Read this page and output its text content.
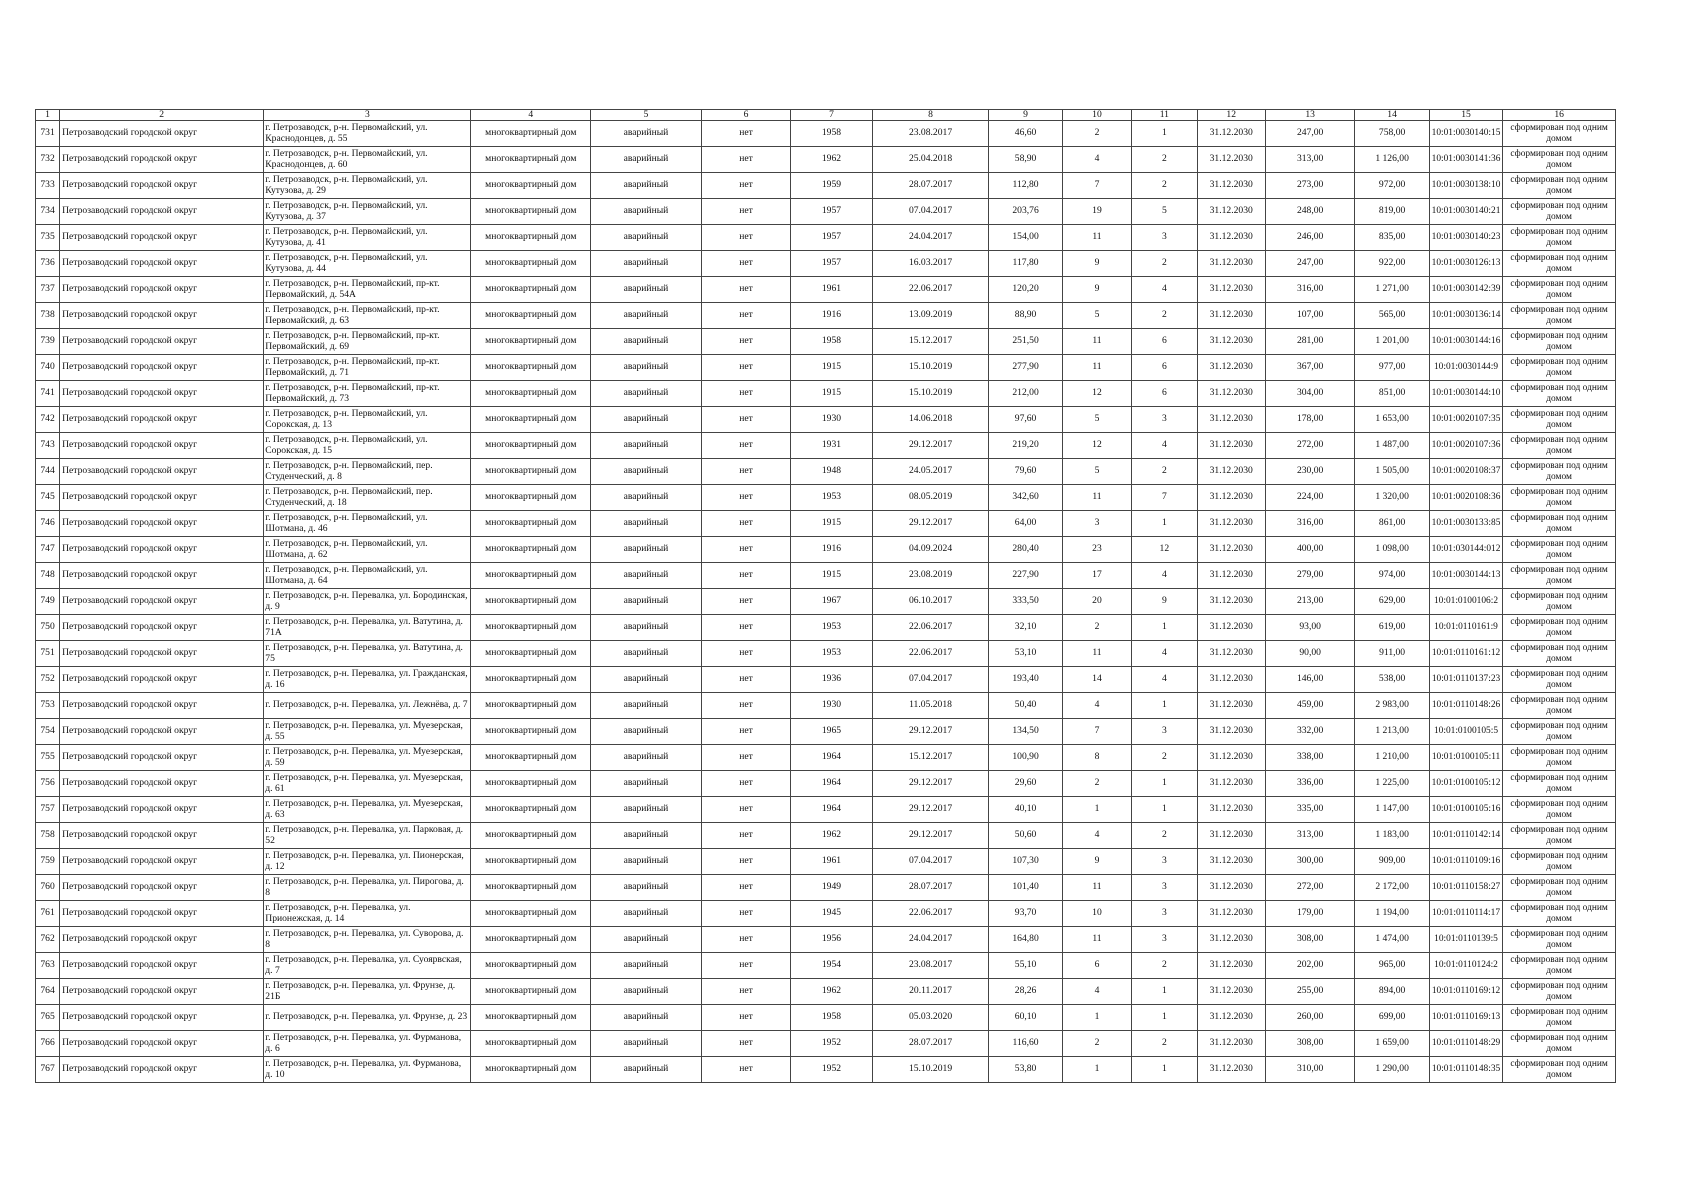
1	2	3	4	5	6	7	8	9	10	11	12	13	14	15	16
731	Петрозаводский городской округ	г. Петрозаводск, р-н. Первомайский, ул. Краснодонцев, д. 55	многоквартирный дом	аварийный	нет	1958	23.08.2017	46,60	2	1	31.12.2030	247,00	758,00	10:01:0030140:15	сформирован под одним домом
732	Петрозаводский городской округ	г. Петрозаводск, р-н. Первомайский, ул. Краснодонцев, д. 60	многоквартирный дом	аварийный	нет	1962	25.04.2018	58,90	4	2	31.12.2030	313,00	1 126,00	10:01:0030141:36	сформирован под одним домом
733	Петрозаводский городской округ	г. Петрозаводск, р-н. Первомайский, ул. Кутузова, д. 29	многоквартирный дом	аварийный	нет	1959	28.07.2017	112,80	7	2	31.12.2030	273,00	972,00	10:01:0030138:10	сформирован под одним домом
734	Петрозаводский городской округ	г. Петрозаводск, р-н. Первомайский, ул. Кутузова, д. 37	многоквартирный дом	аварийный	нет	1957	07.04.2017	203,76	19	5	31.12.2030	248,00	819,00	10:01:0030140:21	сформирован под одним домом
735	Петрозаводский городской округ	г. Петрозаводск, р-н. Первомайский, ул. Кутузова, д. 41	многоквартирный дом	аварийный	нет	1957	24.04.2017	154,00	11	3	31.12.2030	246,00	835,00	10:01:0030140:23	сформирован под одним домом
736	Петрозаводский городской округ	г. Петрозаводск, р-н. Первомайский, ул. Кутузова, д. 44	многоквартирный дом	аварийный	нет	1957	16.03.2017	117,80	9	2	31.12.2030	247,00	922,00	10:01:0030126:13	сформирован под одним домом
737	Петрозаводский городской округ	г. Петрозаводск, р-н. Первомайский, пр-кт. Первомайский, д. 54А	многоквартирный дом	аварийный	нет	1961	22.06.2017	120,20	9	4	31.12.2030	316,00	1 271,00	10:01:0030142:39	сформирован под одним домом
738	Петрозаводский городской округ	г. Петрозаводск, р-н. Первомайский, пр-кт. Первомайский, д. 63	многоквартирный дом	аварийный	нет	1916	13.09.2019	88,90	5	2	31.12.2030	107,00	565,00	10:01:0030136:14	сформирован под одним домом
739	Петрозаводский городской округ	г. Петрозаводск, р-н. Первомайский, пр-кт. Первомайский, д. 69	многоквартирный дом	аварийный	нет	1958	15.12.2017	251,50	11	6	31.12.2030	281,00	1 201,00	10:01:0030144:16	сформирован под одним домом
740	Петрозаводский городской округ	г. Петрозаводск, р-н. Первомайский, пр-кт. Первомайский, д. 71	многоквартирный дом	аварийный	нет	1915	15.10.2019	277,90	11	6	31.12.2030	367,00	977,00	10:01:0030144:9	сформирован под одним домом
741	Петрозаводский городской округ	г. Петрозаводск, р-н. Первомайский, пр-кт. Первомайский, д. 73	многоквартирный дом	аварийный	нет	1915	15.10.2019	212,00	12	6	31.12.2030	304,00	851,00	10:01:0030144:10	сформирован под одним домом
742	Петрозаводский городской округ	г. Петрозаводск, р-н. Первомайский, ул. Сорокская, д. 13	многоквартирный дом	аварийный	нет	1930	14.06.2018	97,60	5	3	31.12.2030	178,00	1 653,00	10:01:0020107:35	сформирован под одним домом
743	Петрозаводский городской округ	г. Петрозаводск, р-н. Первомайский, ул. Сорокская, д. 15	многоквартирный дом	аварийный	нет	1931	29.12.2017	219,20	12	4	31.12.2030	272,00	1 487,00	10:01:0020107:36	сформирован под одним домом
744	Петрозаводский городской округ	г. Петрозаводск, р-н. Первомайский, пер. Студенческий, д. 8	многоквартирный дом	аварийный	нет	1948	24.05.2017	79,60	5	2	31.12.2030	230,00	1 505,00	10:01:0020108:37	сформирован под одним домом
745	Петрозаводский городской округ	г. Петрозаводск, р-н. Первомайский, пер. Студенческий, д. 18	многоквартирный дом	аварийный	нет	1953	08.05.2019	342,60	11	7	31.12.2030	224,00	1 320,00	10:01:0020108:36	сформирован под одним домом
746	Петрозаводский городской округ	г. Петрозаводск, р-н. Первомайский, ул. Шотмана, д. 46	многоквартирный дом	аварийный	нет	1915	29.12.2017	64,00	3	1	31.12.2030	316,00	861,00	10:01:0030133:85	сформирован под одним домом
747	Петрозаводский городской округ	г. Петрозаводск, р-н. Первомайский, ул. Шотмана, д. 62	многоквартирный дом	аварийный	нет	1916	04.09.2024	280,40	23	12	31.12.2030	400,00	1 098,00	10:01:030144:012	сформирован под одним домом
748	Петрозаводский городской округ	г. Петрозаводск, р-н. Первомайский, ул. Шотмана, д. 64	многоквартирный дом	аварийный	нет	1915	23.08.2019	227,90	17	4	31.12.2030	279,00	974,00	10:01:0030144:13	сформирован под одним домом
749	Петрозаводский городской округ	г. Петрозаводск, р-н. Перевалка, ул. Бородинская, д. 9	многоквартирный дом	аварийный	нет	1967	06.10.2017	333,50	20	9	31.12.2030	213,00	629,00	10:01:0100106:2	сформирован под одним домом
750	Петрозаводский городской округ	г. Петрозаводск, р-н. Перевалка, ул. Ватутина, д. 71А	многоквартирный дом	аварийный	нет	1953	22.06.2017	32,10	2	1	31.12.2030	93,00	619,00	10:01:0110161:9	сформирован под одним домом
751	Петрозаводский городской округ	г. Петрозаводск, р-н. Перевалка, ул. Ватутина, д. 75	многоквартирный дом	аварийный	нет	1953	22.06.2017	53,10	11	4	31.12.2030	90,00	911,00	10:01:0110161:12	сформирован под одним домом
752	Петрозаводский городской округ	г. Петрозаводск, р-н. Перевалка, ул. Гражданская, д. 16	многоквартирный дом	аварийный	нет	1936	07.04.2017	193,40	14	4	31.12.2030	146,00	538,00	10:01:0110137:23	сформирован под одним домом
753	Петрозаводский городской округ	г. Петрозаводск, р-н. Перевалка, ул. Лежнёва, д. 7	многоквартирный дом	аварийный	нет	1930	11.05.2018	50,40	4	1	31.12.2030	459,00	2 983,00	10:01:0110148:26	сформирован под одним домом
754	Петрозаводский городской округ	г. Петрозаводск, р-н. Перевалка, ул. Муезерская, д. 55	многоквартирный дом	аварийный	нет	1965	29.12.2017	134,50	7	3	31.12.2030	332,00	1 213,00	10:01:0100105:5	сформирован под одним домом
755	Петрозаводский городской округ	г. Петрозаводск, р-н. Перевалка, ул. Муезерская, д. 59	многоквартирный дом	аварийный	нет	1964	15.12.2017	100,90	8	2	31.12.2030	338,00	1 210,00	10:01:0100105:11	сформирован под одним домом
756	Петрозаводский городской округ	г. Петрозаводск, р-н. Перевалка, ул. Муезерская, д. 61	многоквартирный дом	аварийный	нет	1964	29.12.2017	29,60	2	1	31.12.2030	336,00	1 225,00	10:01:0100105:12	сформирован под одним домом
757	Петрозаводский городской округ	г. Петрозаводск, р-н. Перевалка, ул. Муезерская, д. 63	многоквартирный дом	аварийный	нет	1964	29.12.2017	40,10	1	1	31.12.2030	335,00	1 147,00	10:01:0100105:16	сформирован под одним домом
758	Петрозаводский городской округ	г. Петрозаводск, р-н. Перевалка, ул. Парковая, д. 52	многоквартирный дом	аварийный	нет	1962	29.12.2017	50,60	4	2	31.12.2030	313,00	1 183,00	10:01:0110142:14	сформирован под одним домом
759	Петрозаводский городской округ	г. Петрозаводск, р-н. Перевалка, ул. Пионерская, д. 12	многоквартирный дом	аварийный	нет	1961	07.04.2017	107,30	9	3	31.12.2030	300,00	909,00	10:01:0110109:16	сформирован под одним домом
760	Петрозаводский городской округ	г. Петрозаводск, р-н. Перевалка, ул. Пирогова, д. 8	многоквартирный дом	аварийный	нет	1949	28.07.2017	101,40	11	3	31.12.2030	272,00	2 172,00	10:01:0110158:27	сформирован под одним домом
761	Петрозаводский городской округ	г. Петрозаводск, р-н. Перевалка, ул. Прионежская, д. 14	многоквартирный дом	аварийный	нет	1945	22.06.2017	93,70	10	3	31.12.2030	179,00	1 194,00	10:01:0110114:17	сформирован под одним домом
762	Петрозаводский городской округ	г. Петрозаводск, р-н. Перевалка, ул. Суворова, д. 8	многоквартирный дом	аварийный	нет	1956	24.04.2017	164,80	11	3	31.12.2030	308,00	1 474,00	10:01:0110139:5	сформирован под одним домом
763	Петрозаводский городской округ	г. Петрозаводск, р-н. Перевалка, ул. Суоярвская, д. 7	многоквартирный дом	аварийный	нет	1954	23.08.2017	55,10	6	2	31.12.2030	202,00	965,00	10:01:0110124:2	сформирован под одним домом
764	Петрозаводский городской округ	г. Петрозаводск, р-н. Перевалка, ул. Фрунзе, д. 21Б	многоквартирный дом	аварийный	нет	1962	20.11.2017	28,26	4	1	31.12.2030	255,00	894,00	10:01:0110169:12	сформирован под одним домом
765	Петрозаводский городской округ	г. Петрозаводск, р-н. Перевалка, ул. Фрунзе, д. 23	многоквартирный дом	аварийный	нет	1958	05.03.2020	60,10	1	1	31.12.2030	260,00	699,00	10:01:0110169:13	сформирован под одним домом
766	Петрозаводский городской округ	г. Петрозаводск, р-н. Перевалка, ул. Фурманова, д. 6	многоквартирный дом	аварийный	нет	1952	28.07.2017	116,60	2	2	31.12.2030	308,00	1 659,00	10:01:0110148:29	сформирован под одним домом
767	Петрозаводский городской округ	г. Петрозаводск, р-н. Перевалка, ул. Фурманова, д. 10	многоквартирный дом	аварийный	нет	1952	15.10.2019	53,80	1	1	31.12.2030	310,00	1 290,00	10:01:0110148:35	сформирован под одним домом
